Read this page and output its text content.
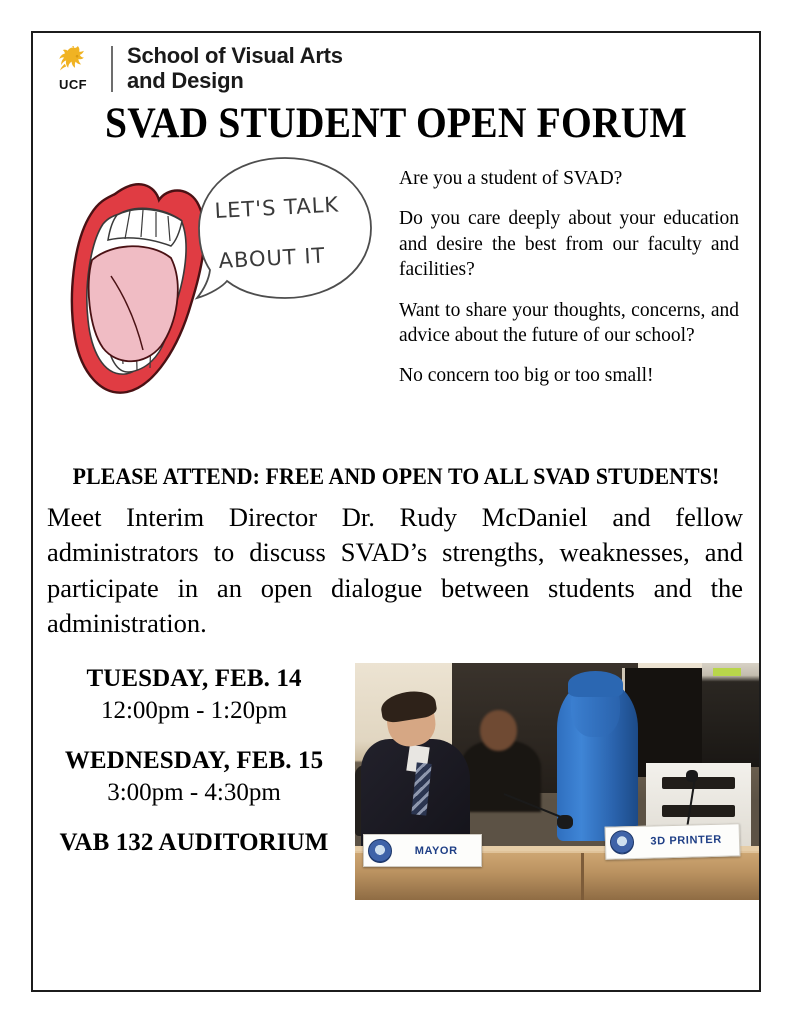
UCF
School of Visual Arts
and Design
SVAD STUDENT OPEN FORUM
LET'S TALK
ABOUT IT

Are you a student of SVAD?

Do you care deeply about your education and desire the best from our faculty and facilities?

Want to share your thoughts, concerns, and advice about the future of our school?

No concern too big or too small!

PLEASE ATTEND: FREE AND OPEN TO ALL SVAD STUDENTS!
Meet Interim Director Dr. Rudy McDaniel and fellow administrators to discuss SVAD’s strengths, weaknesses, and participate in an open dialogue between students and the administration.
TUESDAY, FEB. 14
12:00pm - 1:20pm
WEDNESDAY, FEB. 15
3:00pm - 4:30pm
VAB 132 AUDITORIUM	MAYOR
3D PRINTER
